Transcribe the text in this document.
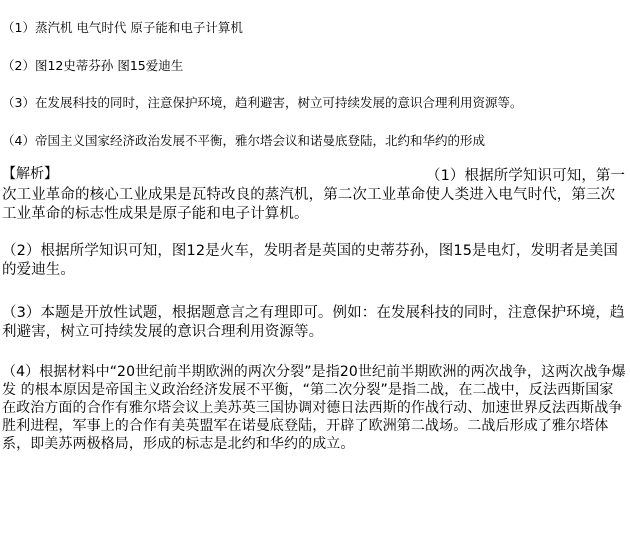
（1）蒸汽机 电气时代 原子能和电子计算机
（2）图12史蒂芬孙 图15爱迪生
（3）在发展科技的同时，注意保护环境，趋利避害，树立可持续发展的意识合理利用资源等。
（4）帝国主义国家经济政治发展不平衡，雅尔塔会议和诺曼底登陆，北约和华约的形成
【解析】	（1）根据所学知识可知，第一次工业革命的核心工业成果是瓦特改良的蒸汽机，第二次工业革命使人类进入电气时代，第三次工业革命的标志性成果是原子能和电子计算机。

（2）根据所学知识可知，图12是火车，发明者是英国的史蒂芬孙，图15是电灯，发明者是美国的爱迪生。

（3）本题是开放性试题，根据题意言之有理即可。例如：在发展科技的同时，注意保护环境，趋利避害，树立可持续发展的意识合理利用资源等。

（4）根据材料中“20世纪前半期欧洲的两次分裂”是指20世纪前半期欧洲的两次战争，这两次战争爆发 的根本原因是帝国主义政治经济发展不平衡，“第二次分裂”是指二战，在二战中，反法西斯国家在政治方面的合作有雅尔塔会议上美苏英三国协调对德日法西斯的作战行动、加速世界反法西斯战争胜利进程，军事上的合作有美英盟军在诺曼底登陆，开辟了欧洲第二战场。二战后形成了雅尔塔体系，即美苏两极格局，形成的标志是北约和华约的成立。
